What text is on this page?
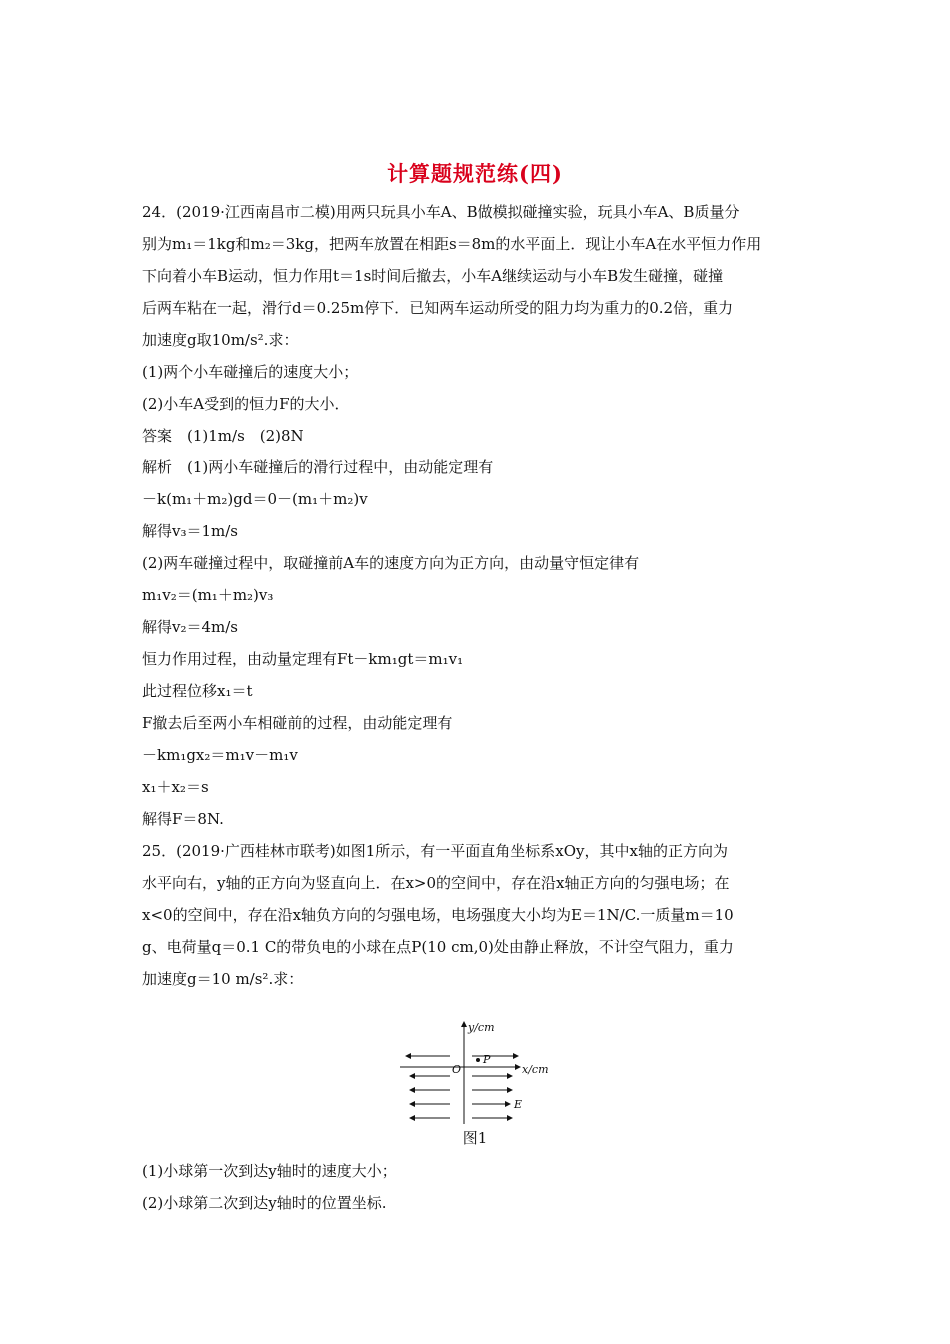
计算题规范练(四)
24．(2019·江西南昌市二模)用两只玩具小车A、B做模拟碰撞实验，玩具小车A、B质量分
别为m₁＝1kg和m₂＝3kg，把两车放置在相距s＝8m的水平面上．现让小车A在水平恒力作用
下向着小车B运动，恒力作用t＝1s时间后撤去，小车A继续运动与小车B发生碰撞，碰撞
后两车粘在一起，滑行d＝0.25m停下．已知两车运动所受的阻力均为重力的0.2倍，重力
加速度g取10m/s².求：
(1)两个小车碰撞后的速度大小；
(2)小车A受到的恒力F的大小．
答案　(1)1m/s　(2)8N
解析　(1)两小车碰撞后的滑行过程中，由动能定理有
－k(m₁＋m₂)gd＝0－(m₁＋m₂)v
解得v₃＝1m/s
(2)两车碰撞过程中，取碰撞前A车的速度方向为正方向，由动量守恒定律有
m₁v₂＝(m₁＋m₂)v₃
解得v₂＝4m/s
恒力作用过程，由动量定理有Ft－km₁gt＝m₁v₁
此过程位移x₁＝t
F撤去后至两小车相碰前的过程，由动能定理有
－km₁gx₂＝m₁v－m₁v
x₁＋x₂＝s
解得F＝8N.
25．(2019·广西桂林市联考)如图1所示，有一平面直角坐标系xOy，其中x轴的正方向为
水平向右，y轴的正方向为竖直向上．在x>0的空间中，存在沿x轴正方向的匀强电场；在
x<0的空间中，存在沿x轴负方向的匀强电场，电场强度大小均为E＝1N/C.一质量m＝10
g、电荷量q＝0.1 C的带负电的小球在点P(10 cm,0)处由静止释放，不计空气阻力，重力
加速度g＝10 m/s².求：
(1)小球第一次到达y轴时的速度大小；
(2)小球第二次到达y轴时的位置坐标.
y/cm
x/cm
O
P
E
图1
